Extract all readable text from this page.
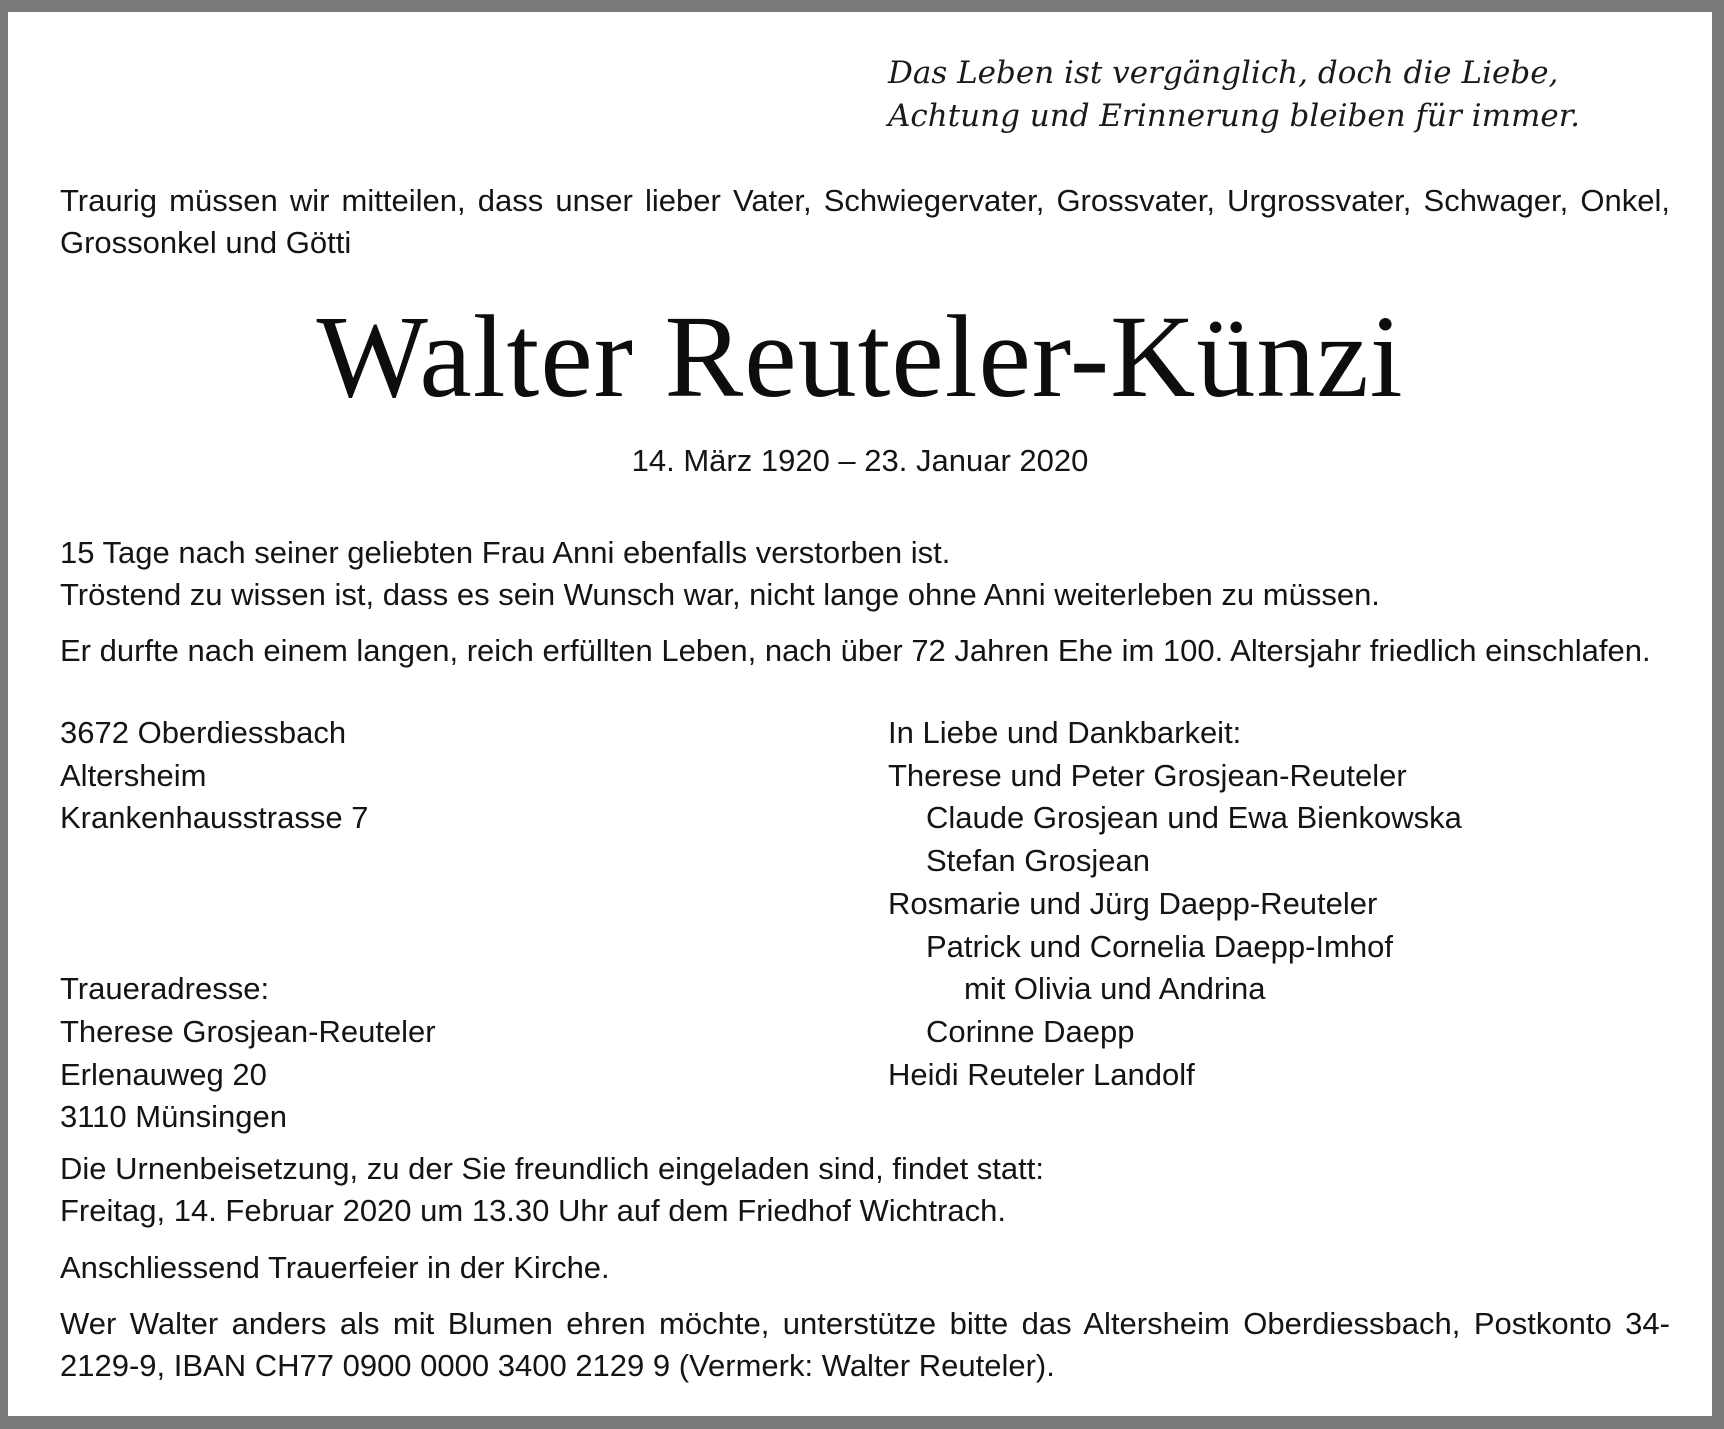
Das Leben ist vergänglich, doch die Liebe,
Achtung und Erinnerung bleiben für immer.
Traurig müssen wir mitteilen, dass unser lieber Vater, Schwiegervater, Grossvater, Urgrossvater, Schwager, Onkel, Grossonkel und Götti
Walter Reuteler-Künzi
14. März 1920 – 23. Januar 2020
15 Tage nach seiner geliebten Frau Anni ebenfalls verstorben ist.
Tröstend zu wissen ist, dass es sein Wunsch war, nicht lange ohne Anni weiterleben zu müssen.
Er durfte nach einem langen, reich erfüllten Leben, nach über 72 Jahren Ehe im 100. Altersjahr friedlich einschlafen.
3672 Oberdiessbach
Altersheim
Krankenhausstrasse 7
Traueradresse:
Therese Grosjean-Reuteler
Erlenauweg 20
3110 Münsingen
In Liebe und Dankbarkeit:
Therese und Peter Grosjean-Reuteler
Claude Grosjean und Ewa Bienkowska
Stefan Grosjean
Rosmarie und Jürg Daepp-Reuteler
Patrick und Cornelia Daepp-Imhof
mit Olivia und Andrina
Corinne Daepp
Heidi Reuteler Landolf
Die Urnenbeisetzung, zu der Sie freundlich eingeladen sind, findet statt:
Freitag, 14. Februar 2020 um 13.30 Uhr auf dem Friedhof Wichtrach.
Anschliessend Trauerfeier in der Kirche.
Wer Walter anders als mit Blumen ehren möchte, unterstütze bitte das Altersheim Oberdiessbach, Postkonto 34-2129-9, IBAN CH77 0900 0000 3400 2129 9 (Vermerk: Walter Reuteler).
